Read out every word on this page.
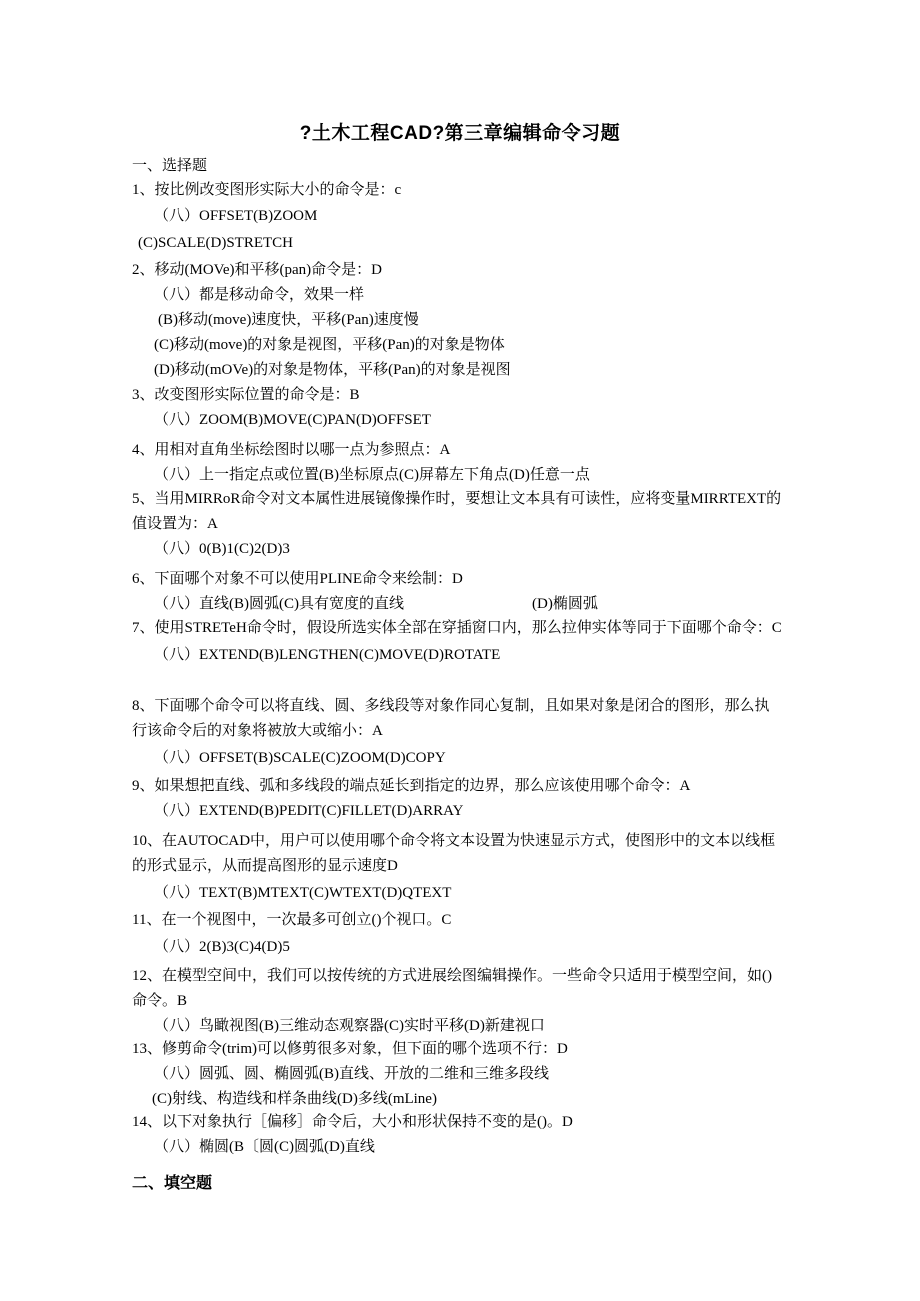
?土木工程CAD?第三章编辑命令习题
一、选择题
1、按比例改变图形实际大小的命令是：c
（八）OFFSET(B)ZOOM
(C)SCALE(D)STRETCH
2、移动(MOVe)和平移(pan)命令是：D
（八）都是移动命令，效果一样
(B)移动(move)速度快，平移(Pan)速度慢
(C)移动(move)的对象是视图，平移(Pan)的对象是物体
(D)移动(mOVe)的对象是物体，平移(Pan)的对象是视图
3、改变图形实际位置的命令是：B
（八）ZOOM(B)MOVE(C)PAN(D)OFFSET
4、用相对直角坐标绘图时以哪一点为参照点：A
（八）上一指定点或位置(B)坐标原点(C)屏幕左下角点(D)任意一点
5、当用MIRRoR命令对文本属性进展镜像操作时，要想让文本具有可读性，应将变量MIRRTEXT的值设置为：A
（八）0(B)1(C)2(D)3
6、下面哪个对象不可以使用PLINE命令来绘制：D
（八）直线(B)圆弧(C)具有宽度的直线	(D)椭圆弧
7、使用STRETeH命令时，假设所选实体全部在穿插窗口内，那么拉伸实体等同于下面哪个命令：C
（八）EXTEND(B)LENGTHEN(C)MOVE(D)ROTATE
8、下面哪个命令可以将直线、圆、多线段等对象作同心复制，且如果对象是闭合的图形，那么执行该命令后的对象将被放大或缩小：A
（八）OFFSET(B)SCALE(C)ZOOM(D)COPY
9、如果想把直线、弧和多线段的端点延长到指定的边界，那么应该使用哪个命令：A
（八）EXTEND(B)PEDIT(C)FILLET(D)ARRAY
10、在AUTOCAD中，用户可以使用哪个命令将文本设置为快速显示方式，使图形中的文本以线框的形式显示，从而提高图形的显示速度D
（八）TEXT(B)MTEXT(C)WTEXT(D)QTEXT
11、在一个视图中，一次最多可创立()个视口。C
（八）2(B)3(C)4(D)5
12、在模型空间中，我们可以按传统的方式进展绘图编辑操作。一些命令只适用于模型空间，如()命令。B
（八）鸟瞰视图(B)三维动态观察器(C)实时平移(D)新建视口
13、修剪命令(trim)可以修剪很多对象，但下面的哪个选项不行：D
（八）圆弧、圆、椭圆弧(B)直线、开放的二维和三维多段线
(C)射线、构造线和样条曲线(D)多线(mLine)
14、以下对象执行［偏移］命令后，大小和形状保持不变的是()。D
（八）椭圆(B〔圆(C)圆弧(D)直线
二、填空题
